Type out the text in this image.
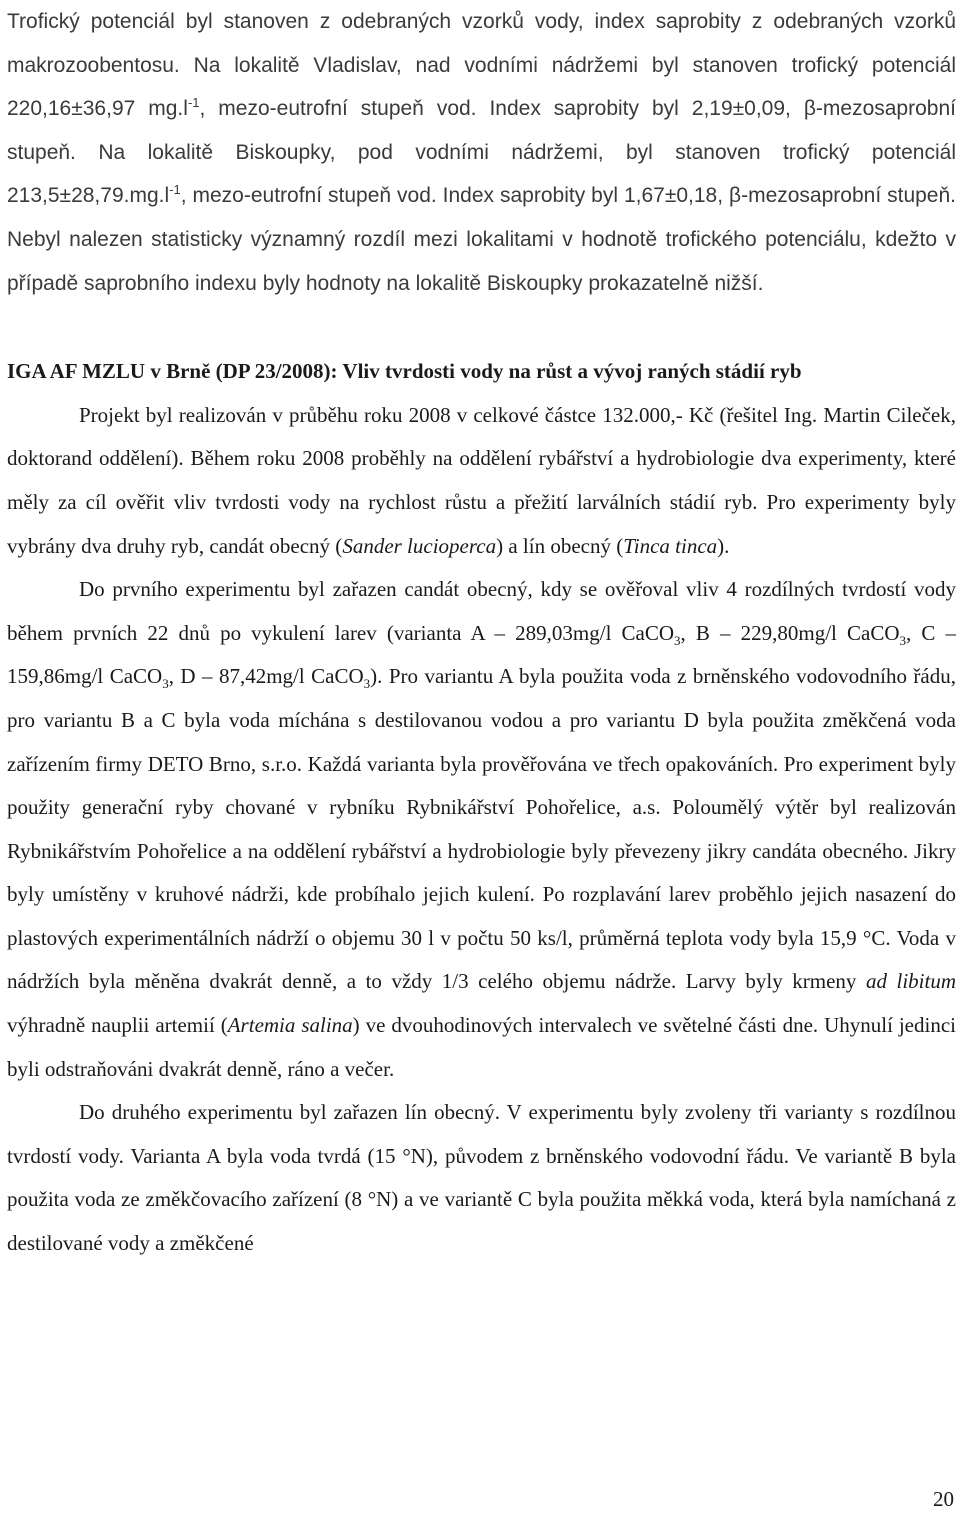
Trofický potenciál byl stanoven z odebraných vzorků vody, index saprobity z odebraných vzorků makrozoobentosu. Na lokalitě Vladislav, nad vodními nádržemi byl stanoven trofický potenciál 220,16±36,97 $mg.l^{-1}$, mezo-eutrofní stupeň vod. Index saprobity byl 2,19±0,09, β-mezosaprobní stupeň. Na lokalitě Biskoupky, pod vodními nádržemi, byl stanoven trofický potenciál $213,5\pm 28,79.mg.l^{-1}$, mezo-eutrofní stupeň vod. Index saprobity byl 1,67±0,18, β-mezosaprobní stupeň. Nebyl nalezen statisticky významný rozdíl mezi lokalitami v hodnotě trofického potenciálu, kdežto v případě saprobního indexu byly hodnoty na lokalitě Biskoupky prokazatelně nižší.

IGA AF MZLU v Brně (DP 23/2008): Vliv tvrdosti vody na růst a vývoj raných stádií ryb

Projekt byl realizován v průběhu roku 2008 v celkové částce 132.000,- Kč (řešitel Ing. Martin Cileček, doktorand oddělení). Během roku 2008 proběhly na oddělení rybářství a hydrobiologie dva experimenty, které měly za cíl ověřit vliv tvrdosti vody na rychlost růstu a přežití larválních stádií ryb. Pro experimenty byly vybrány dva druhy ryb, candát obecný (Sander lucioperca) a lín obecný (Tinca tinca).

Do prvního experimentu byl zařazen candát obecný, kdy se ověřoval vliv 4 rozdílných tvrdostí vody během prvních 22 dnů po vykulení larev (varianta A – 289,03mg/l CaCO$_3$, B – 229,80mg/l CaCO$_3$, C – 159,86mg/l CaCO$_3$, D – 87,42mg/l CaCO$_3$). Pro variantu A byla použita voda z brněnského vodovodního řádu, pro variantu B a C byla voda míchána s destilovanou vodou a pro variantu D byla použita změkčená voda zařízením firmy DETO Brno, s.r.o. Každá varianta byla prověřována ve třech opakováních. Pro experiment byly použity generační ryby chované v rybníku Rybnikářství Pohořelice, a.s. Poloumělý výtěr byl realizován Rybnikářstvím Pohořelice a na oddělení rybářství a hydrobiologie byly převezeny jikry candáta obecného. Jikry byly umístěny v kruhové nádrži, kde probíhalo jejich kulení. Po rozplavání larev proběhlo jejich nasazení do plastových experimentálních nádrží o objemu 30 l v počtu 50 ks/l, průměrná teplota vody byla 15,9 °C. Voda v nádržích byla měněna dvakrát denně, a to vždy 1/3 celého objemu nádrže. Larvy byly krmeny ad libitum výhradně nauplii artemií (Artemia salina) ve dvouhodinových intervalech ve světelné části dne. Uhynulí jedinci byli odstraňováni dvakrát denně, ráno a večer.

Do druhého experimentu byl zařazen lín obecný. V experimentu byly zvoleny tři varianty s rozdílnou tvrdostí vody. Varianta A byla voda tvrdá (15 °N), původem z brněnského vodovodní řádu. Ve variantě B byla použita voda ze změkčovacího zařízení (8 °N) a ve variantě C byla použita měkká voda, která byla namíchaná z destilované vody a změkčené

20
